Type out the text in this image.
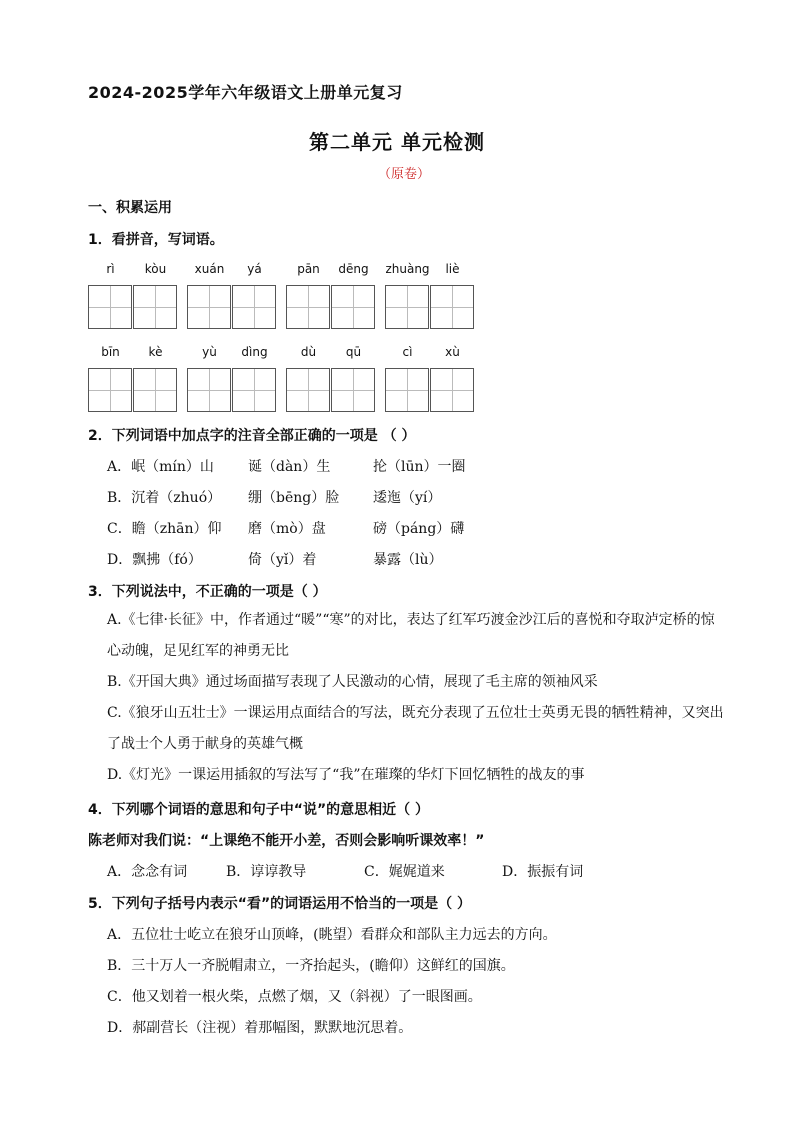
2024-2025学年六年级语文上册单元复习
第二单元 单元检测
（原卷）
一、积累运用
1．看拼音，写词语。
rì	kòu	xuán	yá	pān	dēng	zhuàng	liè
bīn	kè	yù	dìng	dù	qū	cì	xù
2．下列词语中加点字的注音全部正确的一项是 （ ）
A．岷（mín）山 诞（dàn）生	抡（lūn）一圈
B．沉着（zhuó） 绷（bēng）脸 逶迤（yí）
C．瞻（zhān）仰 磨（mò）盘	磅（páng）礴
D．飘拂（fó）	倚（yǐ）着	暴露（lù）
3．下列说法中，不正确的一项是（ ）
A.《七律·长征》中，作者通过“暖”“寒”的对比，表达了红军巧渡金沙江后的喜悦和夺取泸定桥的惊心动魄，足见红军的神勇无比
B.《开国大典》通过场面描写表现了人民激动的心情，展现了毛主席的领袖风采
C.《狼牙山五壮士》一课运用点面结合的写法，既充分表现了五位壮士英勇无畏的牺牲精神，又突出了战士个人勇于献身的英雄气概
D.《灯光》一课运用插叙的写法写了“我”在璀璨的华灯下回忆牺牲的战友的事
4．下列哪个词语的意思和句子中“说”的意思相近（ ）
陈老师对我们说：“上课绝不能开小差，否则会影响听课效率！”
A．念念有词	B．谆谆教导	C．娓娓道来	D．振振有词
5．下列句子括号内表示“看”的词语运用不恰当的一项是（ ）
A．五位壮士屹立在狼牙山顶峰，(眺望）看群众和部队主力远去的方向。
B．三十万人一齐脱帽肃立，一齐抬起头，(瞻仰）这鲜红的国旗。
C．他又划着一根火柴，点燃了烟，又（斜视）了一眼图画。
D．郝副营长（注视）着那幅图，默默地沉思着。
